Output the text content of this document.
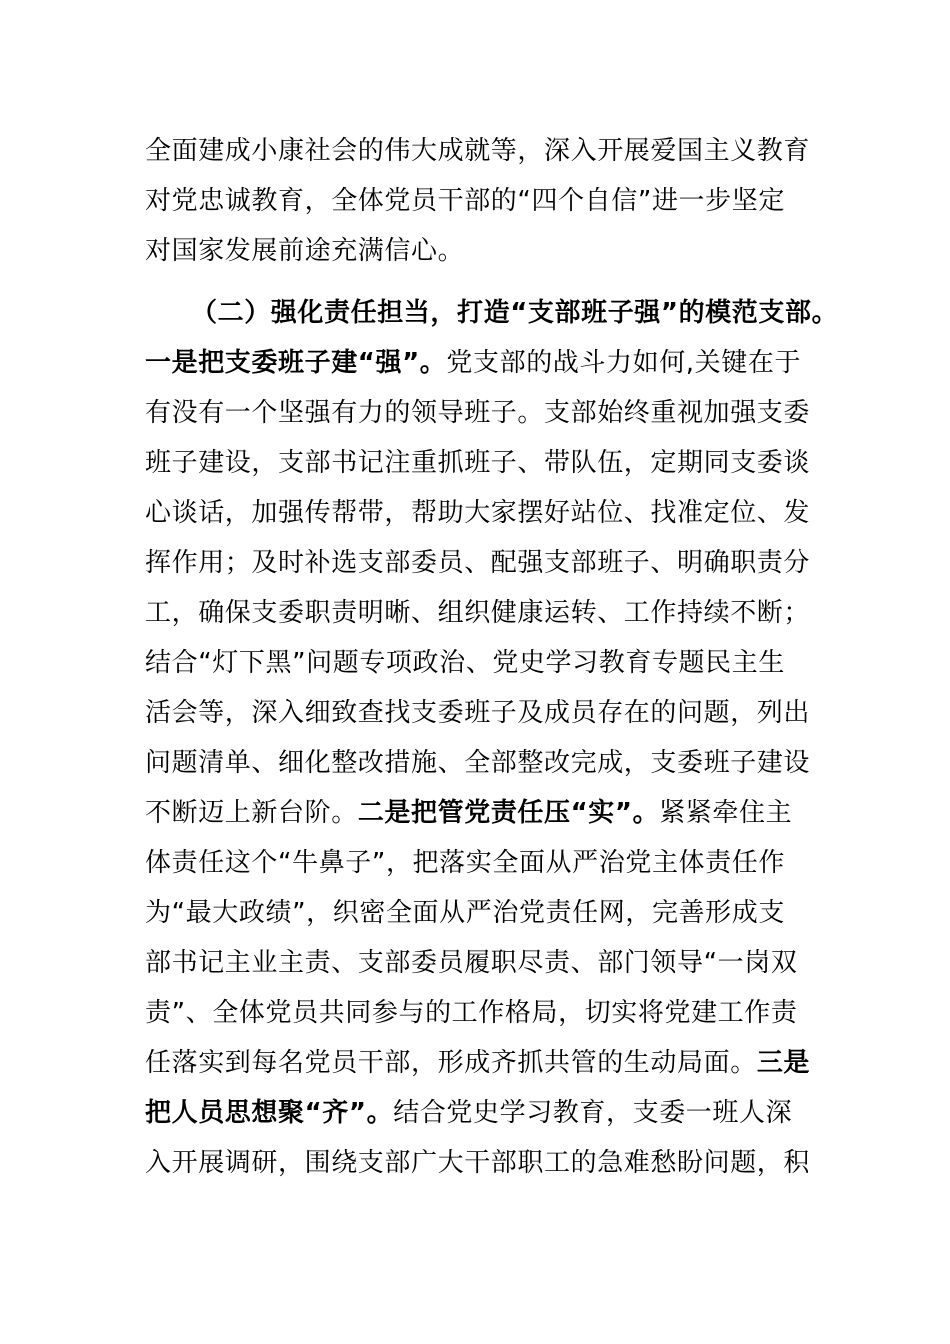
全面建成小康社会的伟大成就等，深入开展爱国主义教育
对党忠诚教育，全体党员干部的“四个自信”进一步坚定
对国家发展前途充满信心。
（二）强化责任担当，打造“支部班子强”的模范支部。
一是把支委班子建“强”。党支部的战斗力如何,关键在于
有没有一个坚强有力的领导班子。支部始终重视加强支委
班子建设，支部书记注重抓班子、带队伍，定期同支委谈
心谈话，加强传帮带，帮助大家摆好站位、找准定位、发
挥作用；及时补选支部委员、配强支部班子、明确职责分
工，确保支委职责明晰、组织健康运转、工作持续不断；
结合“灯下黑”问题专项政治、党史学习教育专题民主生
活会等，深入细致查找支委班子及成员存在的问题，列出
问题清单、细化整改措施、全部整改完成，支委班子建设
不断迈上新台阶。二是把管党责任压“实”。紧紧牵住主
体责任这个“牛鼻子”，把落实全面从严治党主体责任作
为“最大政绩”，织密全面从严治党责任网，完善形成支
部书记主业主责、支部委员履职尽责、部门领导“一岗双
责”、全体党员共同参与的工作格局，切实将党建工作责
任落实到每名党员干部，形成齐抓共管的生动局面。三是
把人员思想聚“齐”。结合党史学习教育，支委一班人深
入开展调研，围绕支部广大干部职工的急难愁盼问题，积
